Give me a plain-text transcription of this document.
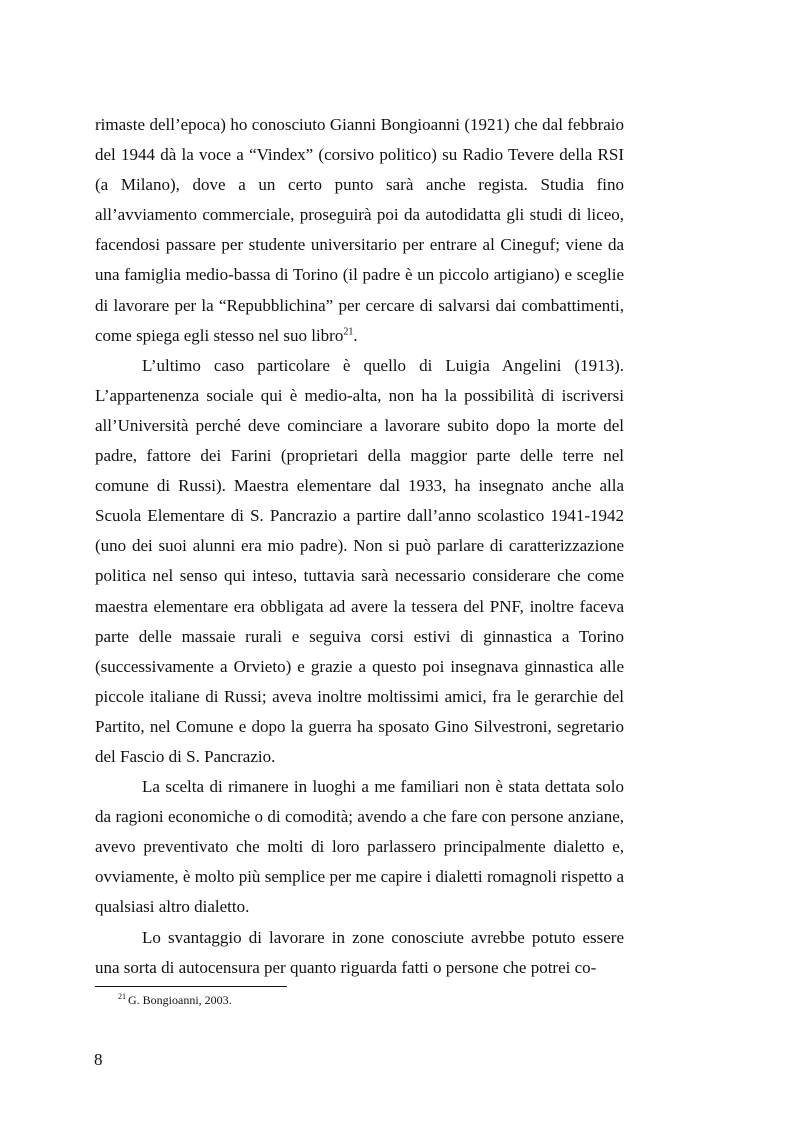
rimaste dell’epoca) ho conosciuto Gianni Bongioanni (1921) che dal febbraio del 1944 dà la voce a “Vindex” (corsivo politico) su Radio Tevere della RSI (a Milano), dove a un certo punto sarà anche regista. Studia fino all’avviamento commerciale, proseguirà poi da autodidatta gli studi di liceo, facendosi passare per studente universitario per entrare al Cineguf; viene da una famiglia medio-bassa di Torino (il padre è un piccolo artigiano) e sceglie di lavorare per la “Repubblichina” per cercare di salvarsi dai combattimenti, come spiega egli stesso nel suo libro$^{21}$.

L’ultimo caso particolare è quello di Luigia Angelini (1913). L’appartenenza sociale qui è medio-alta, non ha la possibilità di iscriversi all’Università perché deve cominciare a lavorare subito dopo la morte del padre, fattore dei Farini (proprietari della maggior parte delle terre nel comune di Russi). Maestra elementare dal 1933, ha insegnato anche alla Scuola Elementare di S. Pancrazio a partire dall’anno scolastico 1941-1942 (uno dei suoi alunni era mio padre). Non si può parlare di caratterizzazione politica nel senso qui inteso, tuttavia sarà necessario considerare che come maestra elementare era obbligata ad avere la tessera del PNF, inoltre faceva parte delle massaie rurali e seguiva corsi estivi di ginnastica a Torino (successivamente a Orvieto) e grazie a questo poi insegnava ginnastica alle piccole italiane di Russi; aveva inoltre moltissimi amici, fra le gerarchie del Partito, nel Comune e dopo la guerra ha sposato Gino Silvestroni, segretario del Fascio di S. Pancrazio.

La scelta di rimanere in luoghi a me familiari non è stata dettata solo da ragioni economiche o di comodità; avendo a che fare con persone anziane, avevo preventivato che molti di loro parlassero principalmente dialetto e, ovviamente, è molto più semplice per me capire i dialetti romagnoli rispetto a qualsiasi altro dialetto.

Lo svantaggio di lavorare in zone conosciute avrebbe potuto essere una sorta di autocensura per quanto riguarda fatti o persone che potrei co-

$^{21}$ G. Bongioanni, 2003.
8
